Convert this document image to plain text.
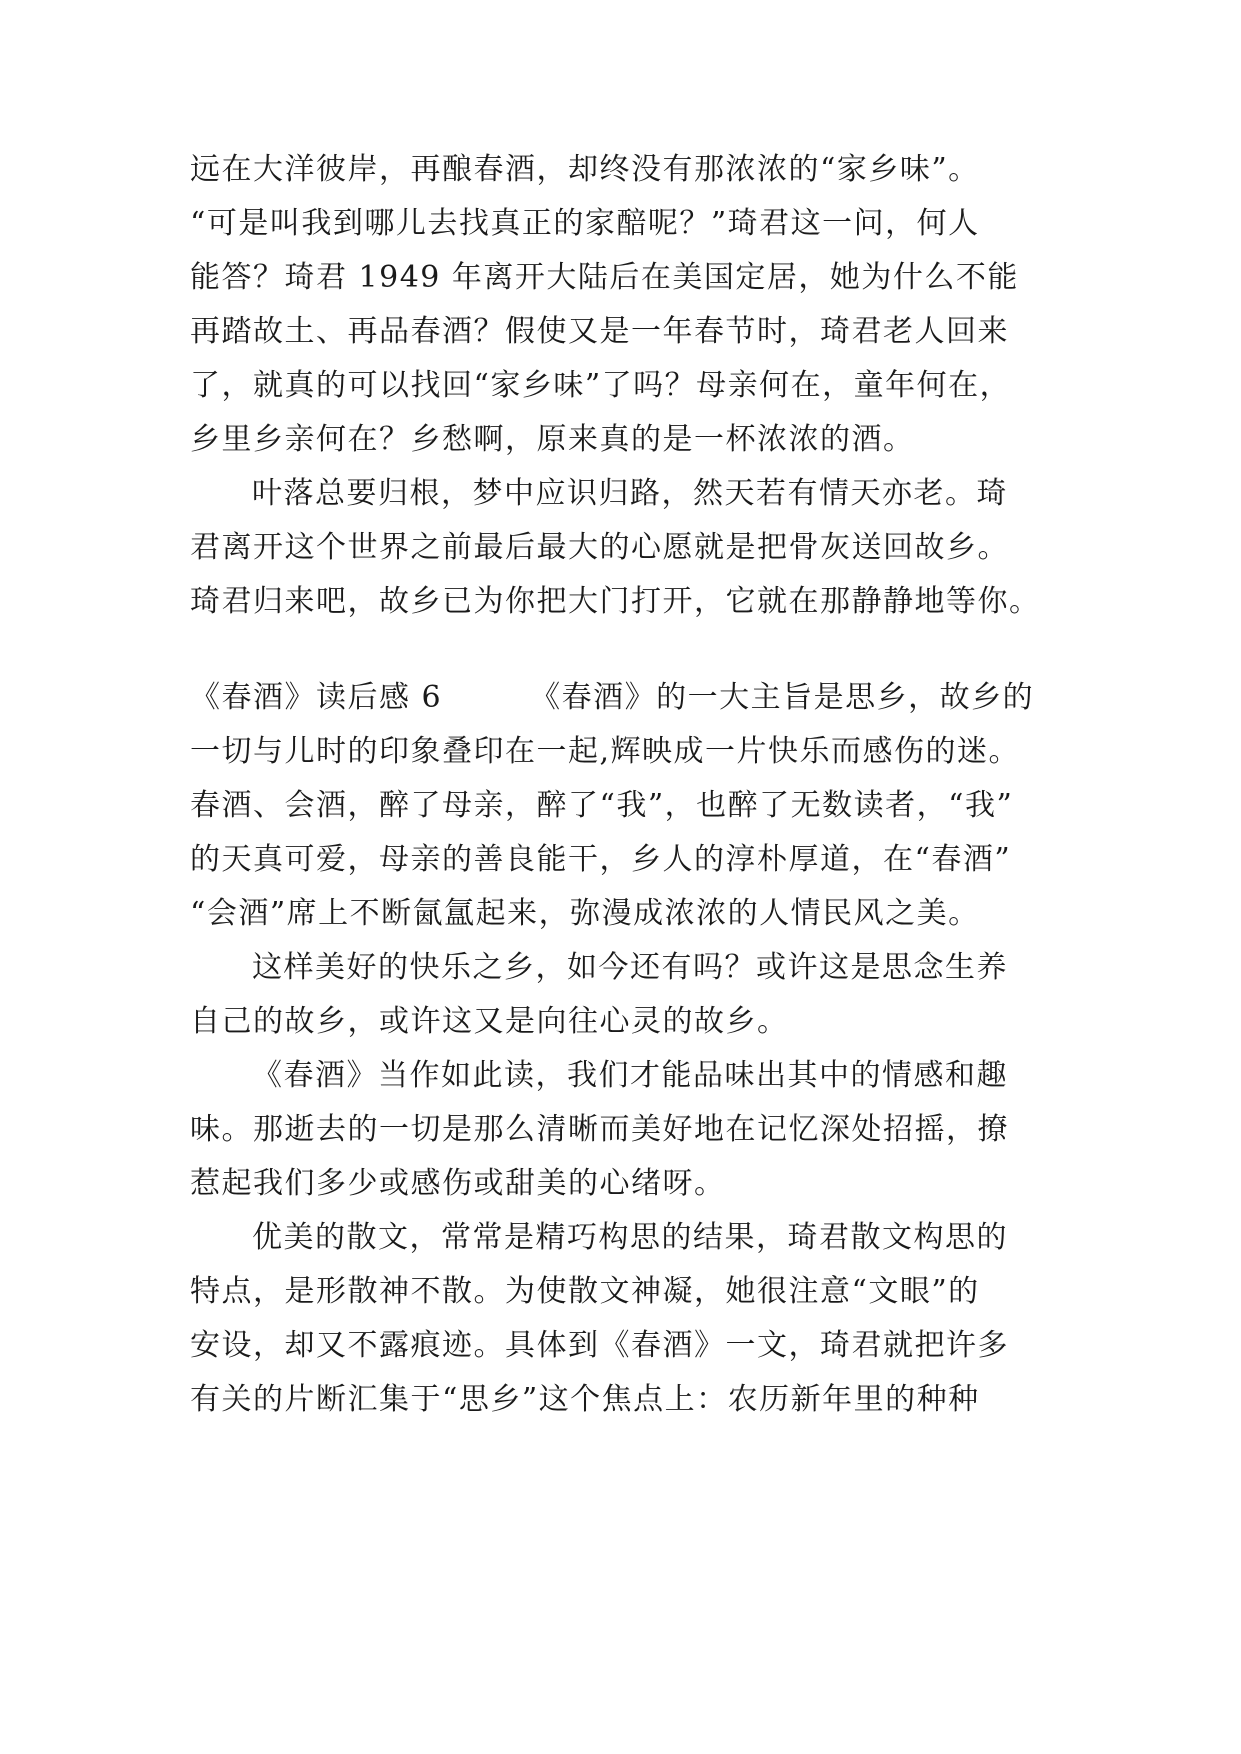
远在大洋彼岸，再酿春酒，却终没有那浓浓的“家乡味”。
“可是叫我到哪儿去找真正的家醅呢？”琦君这一问，何人
能答？琦君 1949 年离开大陆后在美国定居，她为什么不能
再踏故土、再品春酒？假使又是一年春节时，琦君老人回来
了，就真的可以找回“家乡味”了吗？母亲何在，童年何在，
乡里乡亲何在？乡愁啊，原来真的是一杯浓浓的酒。
叶落总要归根，梦中应识归路，然天若有情天亦老。琦
君离开这个世界之前最后最大的心愿就是把骨灰送回故乡。
琦君归来吧，故乡已为你把大门打开，它就在那静静地等你。
《春酒》读后感 6	《春酒》的一大主旨是思乡，故乡的
一切与儿时的印象叠印在一起,辉映成一片快乐而感伤的迷。
春酒、会酒，醉了母亲，醉了“我”，也醉了无数读者，“我”
的天真可爱，母亲的善良能干，乡人的淳朴厚道，在“春酒”
“会酒”席上不断氤氲起来，弥漫成浓浓的人情民风之美。
这样美好的快乐之乡，如今还有吗？或许这是思念生养
自己的故乡，或许这又是向往心灵的故乡。
《春酒》当作如此读，我们才能品味出其中的情感和趣
味。那逝去的一切是那么清晰而美好地在记忆深处招摇，撩
惹起我们多少或感伤或甜美的心绪呀。
优美的散文，常常是精巧构思的结果，琦君散文构思的
特点，是形散神不散。为使散文神凝，她很注意“文眼”的
安设，却又不露痕迹。具体到《春酒》一文，琦君就把许多
有关的片断汇集于“思乡”这个焦点上：农历新年里的种种
